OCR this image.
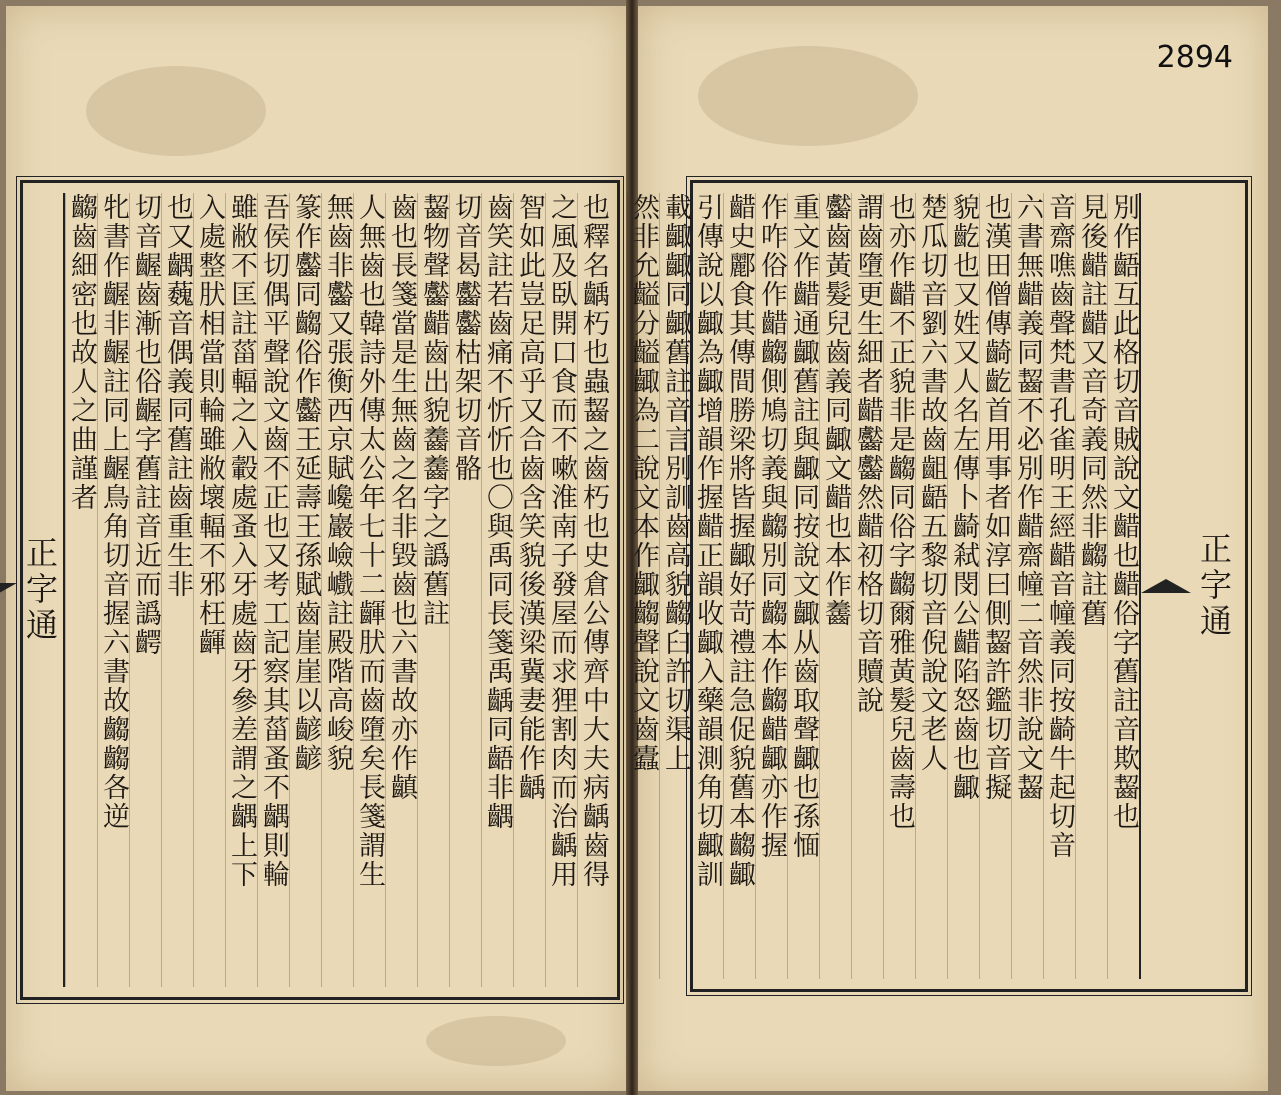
正字通	也釋名齲朽也蟲齧之齒朽也史倉公傳齊中大夫病齲齒得
之風及臥開口食而不嗽淮南子發屋而求狸割肉而治齲用
智如此豈足高乎又合齒含笑貌後漢梁冀妻能作齲
齒笑註若齒痛不忻忻也〇與禹同長箋禹齲同齬非齵
切音曷齾齾枯架切音骼
齧物聲齾齰齒出貌齹齹字之譌舊註
齒也長箋當是生無齒之名非毀齒也六書故亦作齻
人無齒也韓詩外傳太公年七十二齳肰而齒墮矣長箋謂生
無齒非齾又張衡西京賦巉巖嶮巇註殿階高峻貌
篆作齾同齺俗作齾王延壽王孫賦齒崖崖以齴齴
吾侯切偶平聲說文齒不正也又考工記察其菑蚤不齵則輪
雖敝不匡註菑輻之入轂處蚤入牙處齒牙參差謂之齵上下
入處整肰相當則輪雖敝壞輻不邪枉齳
也又齵蘶音偶義同舊註齒重生非
切音齷齒漸也俗齷字舊註音近而譌齶
牝書作齷非齷註同上齷鳥角切音握六書故齺齺各逆
齺齒細密也故人之曲謹者
正字通
別作齬互此格切音賊說文齰也齰俗字舊註音欺齧也
見後齰註齰又音奇義同然非齺註舊
音齋噍齒聲梵書孔雀明王經齰音幢義同按齮牛起切音
六書無齰義同齧不必別作齰齋幢二音然非說文齧
也漢田僧傳齮齕首用事者如淳曰側齧許鑑切音擬
貌齕也又姓又人名左傳卜齮弒閔公齰陷怒齒也齱
楚瓜切音劉六書故齒齟齬五黎切音倪說文老人
也亦作齰不正貌非是齺同俗字齺爾雅黃髮兒齒壽也
謂齒墮更生細者齰齾齾然齰初格切音贖說
齾齒黃髮兒齒義同齱文齰也本作齹
重文作齰通齱舊註與齱同按說文齱从齒取聲齱也孫愐
作咋俗作齰齺側鳩切義與齺別同齺本作齺齰齱亦作握
齰史酈食其傳間勝梁將皆握齱好苛禮註急促貌舊本齺齱
引傳說以齱為齱增韻作握齰正韻收齱入藥韻測角切齱訓
載齱齱同齱舊註音言別訓齒高貌齺臼許切渠上
然非允齸分齸齱為二說文本作齱齺聲說文齒蠹
2894
